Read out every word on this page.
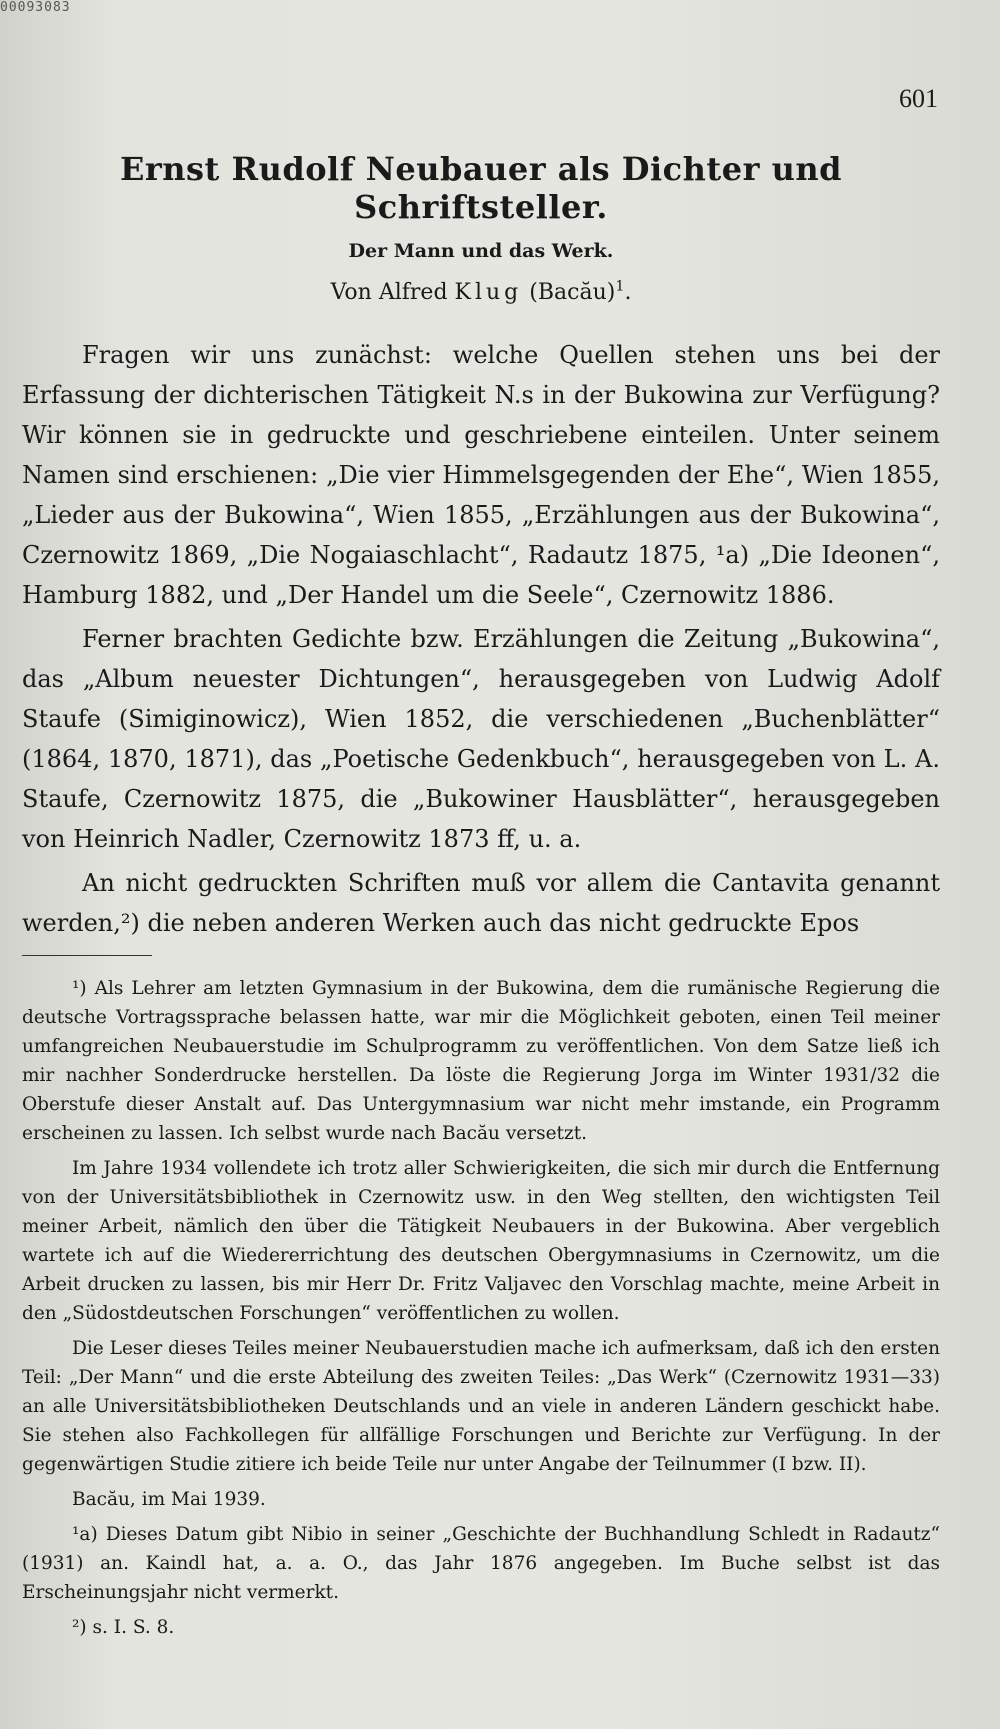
00093083
601
Ernst Rudolf Neubauer als Dichter und Schriftsteller.
Der Mann und das Werk.
Von Alfred Klug (Bacău)$^1$.

Fragen wir uns zunächst: welche Quellen stehen uns bei der Erfassung der dichterischen Tätigkeit N.s in der Bukowina zur Verfügung? Wir können sie in gedruckte und geschriebene einteilen. Unter seinem Namen sind erschienen: „Die vier Himmelsgegenden der Ehe“, Wien 1855, „Lieder aus der Bukowina“, Wien 1855, „Erzählungen aus der Bukowina“, Czernowitz 1869, „Die Nogaiaschlacht“, Radautz 1875, ¹a) „Die Ideonen“, Hamburg 1882, und „Der Handel um die Seele“, Czernowitz 1886.

Ferner brachten Gedichte bzw. Erzählungen die Zeitung „Bukowina“, das „Album neuester Dichtungen“, herausgegeben von Ludwig Adolf Staufe (Simiginowicz), Wien 1852, die verschiedenen „Buchenblätter“ (1864, 1870, 1871), das „Poetische Gedenkbuch“, herausgegeben von L. A. Staufe, Czernowitz 1875, die „Bukowiner Hausblätter“, herausgegeben von Heinrich Nadler, Czernowitz 1873 ff, u. a.

An nicht gedruckten Schriften muß vor allem die Cantavita genannt werden,²) die neben anderen Werken auch das nicht gedruckte Epos

¹) Als Lehrer am letzten Gymnasium in der Bukowina, dem die rumänische Regierung die deutsche Vortragssprache belassen hatte, war mir die Möglichkeit geboten, einen Teil meiner umfangreichen Neubauerstudie im Schulprogramm zu veröffentlichen. Von dem Satze ließ ich mir nachher Sonderdrucke herstellen. Da löste die Regierung Jorga im Winter 1931/32 die Oberstufe dieser Anstalt auf. Das Untergymnasium war nicht mehr imstande, ein Programm erscheinen zu lassen. Ich selbst wurde nach Bacău versetzt.

Im Jahre 1934 vollendete ich trotz aller Schwierigkeiten, die sich mir durch die Entfernung von der Universitätsbibliothek in Czernowitz usw. in den Weg stellten, den wichtigsten Teil meiner Arbeit, nämlich den über die Tätigkeit Neubauers in der Bukowina. Aber vergeblich wartete ich auf die Wiedererrichtung des deutschen Obergymnasiums in Czernowitz, um die Arbeit drucken zu lassen, bis mir Herr Dr. Fritz Valjavec den Vorschlag machte, meine Arbeit in den „Südostdeutschen Forschungen“ veröffentlichen zu wollen.

Die Leser dieses Teiles meiner Neubauerstudien mache ich aufmerksam, daß ich den ersten Teil: „Der Mann“ und die erste Abteilung des zweiten Teiles: „Das Werk“ (Czernowitz 1931—33) an alle Universitätsbibliotheken Deutschlands und an viele in anderen Ländern geschickt habe. Sie stehen also Fachkollegen für allfällige Forschungen und Berichte zur Verfügung. In der gegenwärtigen Studie zitiere ich beide Teile nur unter Angabe der Teilnummer (I bzw. II).

Bacău, im Mai 1939.

¹a) Dieses Datum gibt Nibio in seiner „Geschichte der Buchhandlung Schledt in Radautz“ (1931) an. Kaindl hat, a. a. O., das Jahr 1876 angegeben. Im Buche selbst ist das Erscheinungsjahr nicht vermerkt.

²) s. I. S. 8.
